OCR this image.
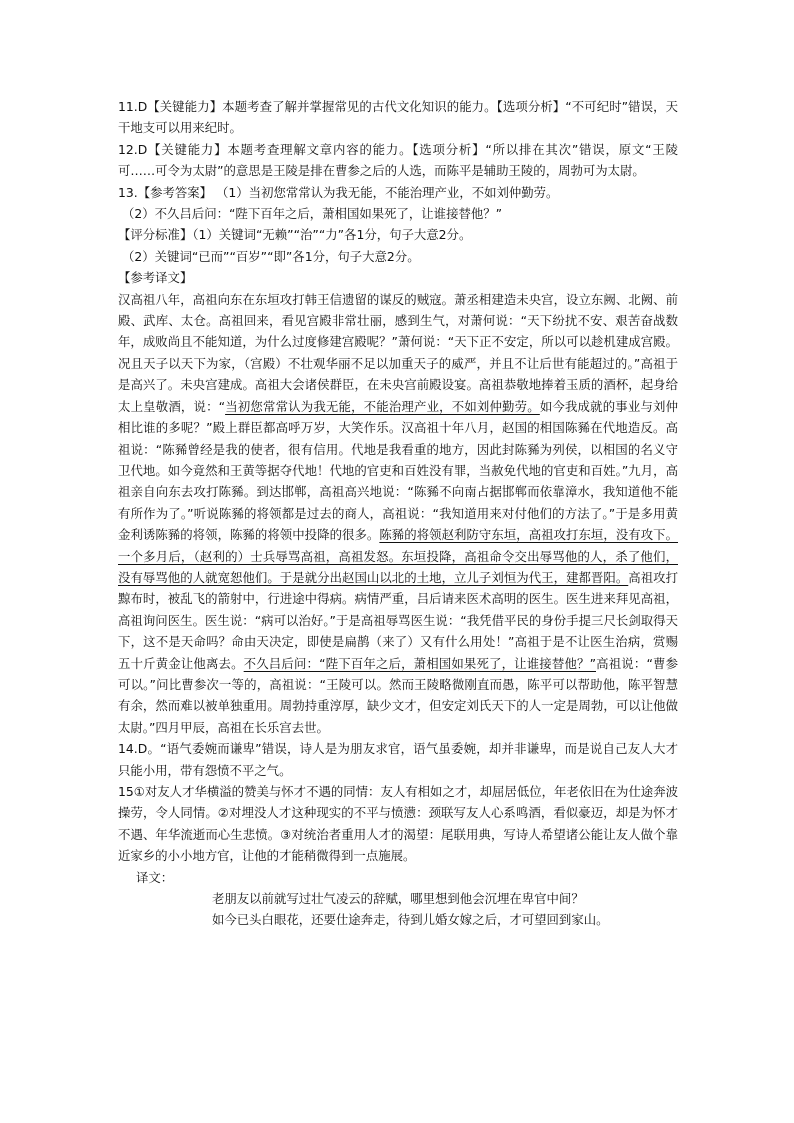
11.D【关键能力】本题考查了解并掌握常见的古代文化知识的能力。【选项分析】“不可纪时”错误，天干地支可以用来纪时。

12.D【关键能力】本题考查理解文章内容的能力。【选项分析】“所以排在其次”错误，原文“王陵可……可令为太尉”的意思是王陵是排在曹参之后的人选，而陈平是辅助王陵的，周勃可为太尉。

13.【参考答案】 （1）当初您常常认为我无能，不能治理产业，不如刘仲勤劳。

（2）不久吕后问：“陛下百年之后，萧相国如果死了，让谁接替他？”

【评分标准】（1）关键词“无赖”“治”“力”各1分，句子大意2分。

（2）关键词“已而”“百岁”“即”各1分，句子大意2分。

【参考译文】

汉高祖八年，高祖向东在东垣攻打韩王信遗留的谋反的贼寇。萧丞相建造未央宫，设立东阙、北阙、前殿、武库、太仓。高祖回来，看见宫殿非常壮丽，感到生气，对萧何说：“天下纷扰不安、艰苦奋战数年，成败尚且不能知道，为什么过度修建宫殿呢？”萧何说：“天下正不安定，所以可以趁机建成宫殿。况且天子以天下为家，（宫殿）不壮观华丽不足以加重天子的威严，并且不让后世有能超过的。”高祖于是高兴了。未央宫建成。高祖大会诸侯群臣，在未央宫前殿设宴。高祖恭敬地捧着玉质的酒杯，起身给太上皇敬酒，说：“当初您常常认为我无能，不能治理产业，不如刘仲勤劳。如今我成就的事业与刘仲相比谁的多呢？”殿上群臣都高呼万岁，大笑作乐。汉高祖十年八月，赵国的相国陈豨在代地造反。高祖说：“陈豨曾经是我的使者，很有信用。代地是我看重的地方，因此封陈豨为列侯，以相国的名义守卫代地。如今竟然和王黄等据夺代地！代地的官吏和百姓没有罪，当赦免代地的官吏和百姓。”九月，高祖亲自向东去攻打陈豨。到达邯郸，高祖高兴地说：“陈豨不向南占据邯郸而依靠漳水，我知道他不能有所作为了。”听说陈豨的将领都是过去的商人，高祖说：“我知道用来对付他们的方法了。”于是多用黄金利诱陈豨的将领，陈豨的将领中投降的很多。陈豨的将领赵利防守东垣，高祖攻打东垣，没有攻下。一个多月后，（赵利的）士兵辱骂高祖，高祖发怒。东垣投降，高祖命令交出辱骂他的人，杀了他们，没有辱骂他的人就宽恕他们。于是就分出赵国山以北的土地，立儿子刘恒为代王，建都晋阳。高祖攻打黥布时，被乱飞的箭射中，行进途中得病。病情严重，吕后请来医术高明的医生。医生进来拜见高祖，高祖询问医生。医生说：“病可以治好。”于是高祖辱骂医生说：“我凭借平民的身份手提三尺长剑取得天下，这不是天命吗？命由天决定，即使是扁鹊（来了）又有什么用处！”高祖于是不让医生治病，赏赐五十斤黄金让他离去。不久吕后问：“陛下百年之后，萧相国如果死了，让谁接替他？”高祖说：“曹参可以。”问比曹参次一等的，高祖说：“王陵可以。然而王陵略微刚直而愚，陈平可以帮助他，陈平智慧有余，然而难以被单独重用。周勃持重淳厚，缺少文才，但安定刘氏天下的人一定是周勃，可以让他做太尉。”四月甲辰，高祖在长乐宫去世。

14.D。“语气委婉而谦卑”错误，诗人是为朋友求官，语气虽委婉，却并非谦卑，而是说自己友人大才只能小用，带有怨愤不平之气。

15①对友人才华横溢的赞美与怀才不遇的同情：友人有相如之才，却屈居低位，年老依旧在为仕途奔波操劳，令人同情。②对埋没人才这种现实的不平与愤懑：颈联写友人心系鸣酒，看似豪迈，却是为怀才不遇、年华流逝而心生悲愤。③对统治者重用人才的渴望：尾联用典，写诗人希望诸公能让友人做个靠近家乡的小小地方官，让他的才能稍微得到一点施展。

译文：

老朋友以前就写过壮气凌云的辞赋，哪里想到他会沉埋在卑官中间？

如今已头白眼花，还要仕途奔走，待到儿婚女嫁之后，才可望回到家山。
